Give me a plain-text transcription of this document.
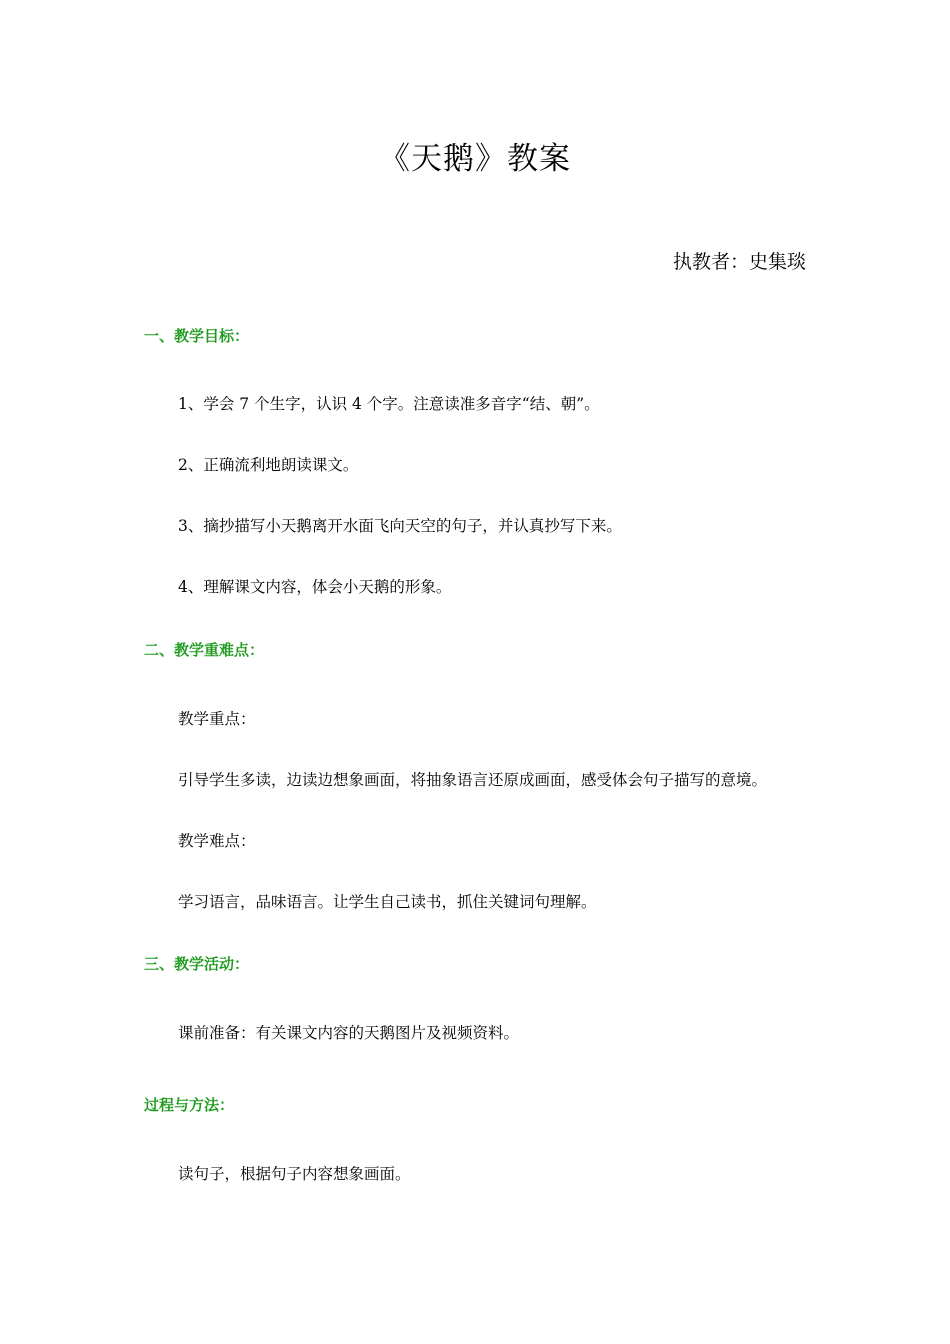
《天鹅》教案
执教者：史集琰
一、教学目标：
1、学会 7 个生字，认识 4 个字。注意读准多音字“结、朝”。
2、正确流利地朗读课文。
3、摘抄描写小天鹅离开水面飞向天空的句子，并认真抄写下来。
4、理解课文内容，体会小天鹅的形象。
二、教学重难点：
教学重点：
引导学生多读，边读边想象画面，将抽象语言还原成画面，感受体会句子描写的意境。
教学难点：
学习语言，品味语言。让学生自己读书，抓住关键词句理解。
三、教学活动：
课前准备：有关课文内容的天鹅图片及视频资料。
过程与方法：
读句子，根据句子内容想象画面。
